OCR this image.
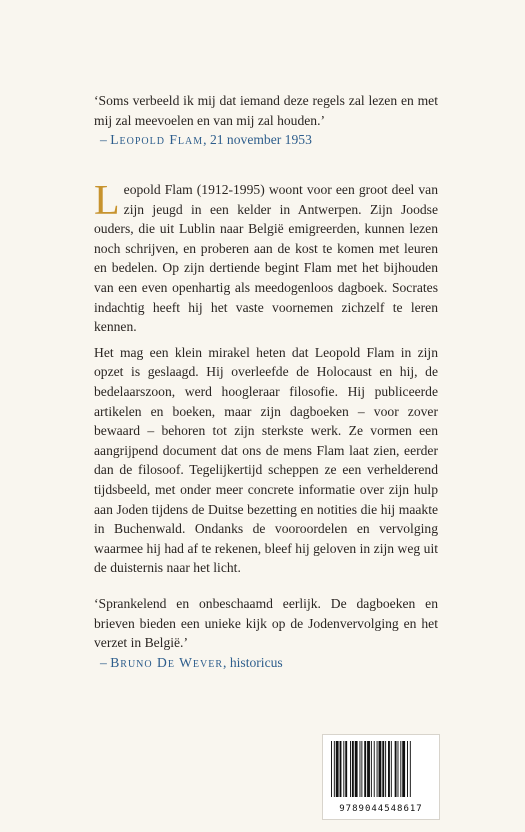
‘Soms verbeeld ik mij dat iemand deze regels zal lezen en met mij zal meevoelen en van mij zal houden.’

– Leopold Flam, 21 november 1953

Leopold Flam (1912-1995) woont voor een groot deel van zijn jeugd in een kelder in Antwerpen. Zijn Joodse ouders, die uit Lublin naar België emigreerden, kunnen lezen noch schrijven, en proberen aan de kost te komen met leuren en bedelen. Op zijn dertiende begint Flam met het bijhouden van een even openhartig als meedogenloos dagboek. Socrates indachtig heeft hij het vaste voornemen zichzelf te leren kennen.

Het mag een klein mirakel heten dat Leopold Flam in zijn opzet is geslaagd. Hij overleefde de Holocaust en hij, de bedelaarszoon, werd hoogleraar filosofie. Hij publiceerde artikelen en boeken, maar zijn dagboeken – voor zover bewaard – behoren tot zijn sterkste werk. Ze vormen een aangrijpend document dat ons de mens Flam laat zien, eerder dan de filosoof. Tegelijkertijd scheppen ze een verhelderend tijdsbeeld, met onder meer concrete informatie over zijn hulp aan Joden tijdens de Duitse bezetting en notities die hij maakte in Buchenwald. Ondanks de vooroordelen en vervolging waarmee hij had af te rekenen, bleef hij geloven in zijn weg uit de duisternis naar het licht.

‘Sprankelend en onbeschaamd eerlijk. De dagboeken en brieven bieden een unieke kijk op de Jodenvervolging en het verzet in België.’

– Bruno De Wever, historicus

9789044548617
